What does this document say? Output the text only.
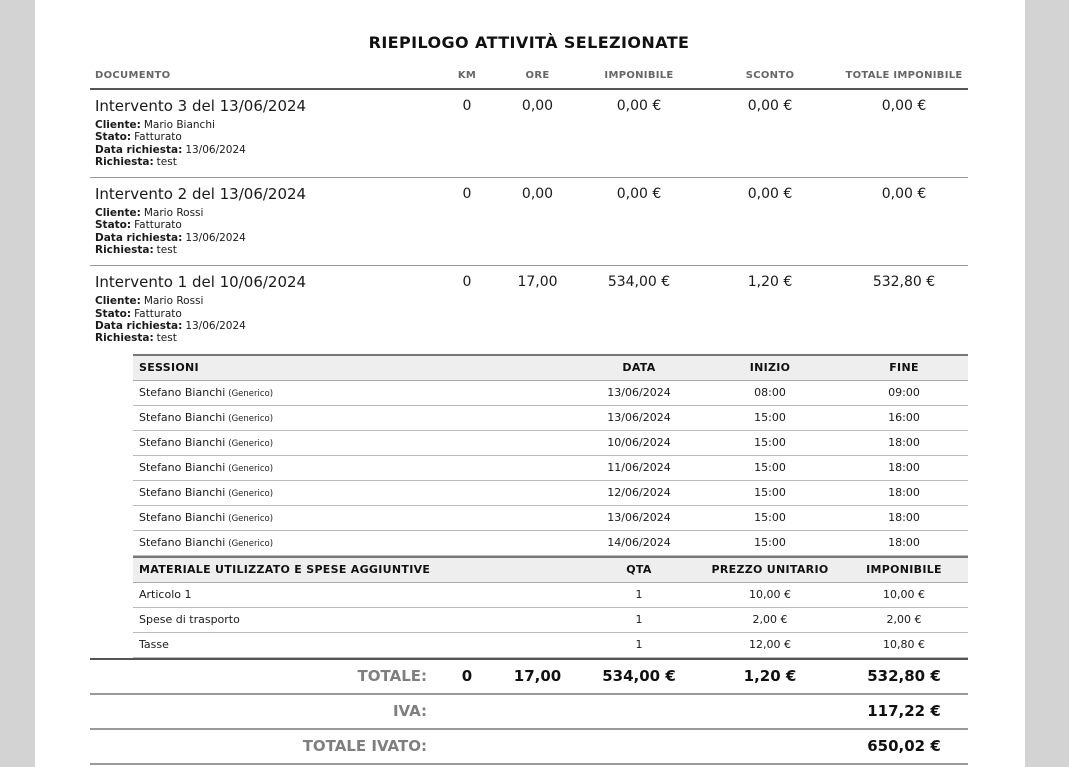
RIEPILOGO ATTIVITÀ SELEZIONATE
DOCUMENTO	KM	ORE	IMPONIBILE	SCONTO	TOTALE IMPONIBILE

Intervento 3 del 13/06/2024
Cliente: Mario Bianchi
Stato: Fatturato
Data richiesta: 13/06/2024
Richiesta: test
	0	0,00	0,00 €	0,00 €	0,00 €

Intervento 2 del 13/06/2024
Cliente: Mario Rossi
Stato: Fatturato
Data richiesta: 13/06/2024
Richiesta: test
	0	0,00	0,00 €	0,00 €	0,00 €

Intervento 1 del 10/06/2024
Cliente: Mario Rossi
Stato: Fatturato
Data richiesta: 13/06/2024
Richiesta: test
	0	17,00	534,00 €	1,20 €	532,80 €

SESSIONI	DATA	INIZIO	FINE
Stefano Bianchi (Generico)	13/06/2024	08:00	09:00
Stefano Bianchi (Generico)	13/06/2024	15:00	16:00
Stefano Bianchi (Generico)	10/06/2024	15:00	18:00
Stefano Bianchi (Generico)	11/06/2024	15:00	18:00
Stefano Bianchi (Generico)	12/06/2024	15:00	18:00
Stefano Bianchi (Generico)	13/06/2024	15:00	18:00
Stefano Bianchi (Generico)	14/06/2024	15:00	18:00
MATERIALE UTILIZZATO E SPESE AGGIUNTIVE	QTA	PREZZO UNITARIO	IMPONIBILE
Articolo 1	1	10,00 €	10,00 €
Spese di trasporto	1	2,00 €	2,00 €
Tasse	1	12,00 €	10,80 €

TOTALE:	0	17,00	534,00 €	1,20 €	532,80 €
IVA:					117,22 €
TOTALE IVATO:					650,02 €
